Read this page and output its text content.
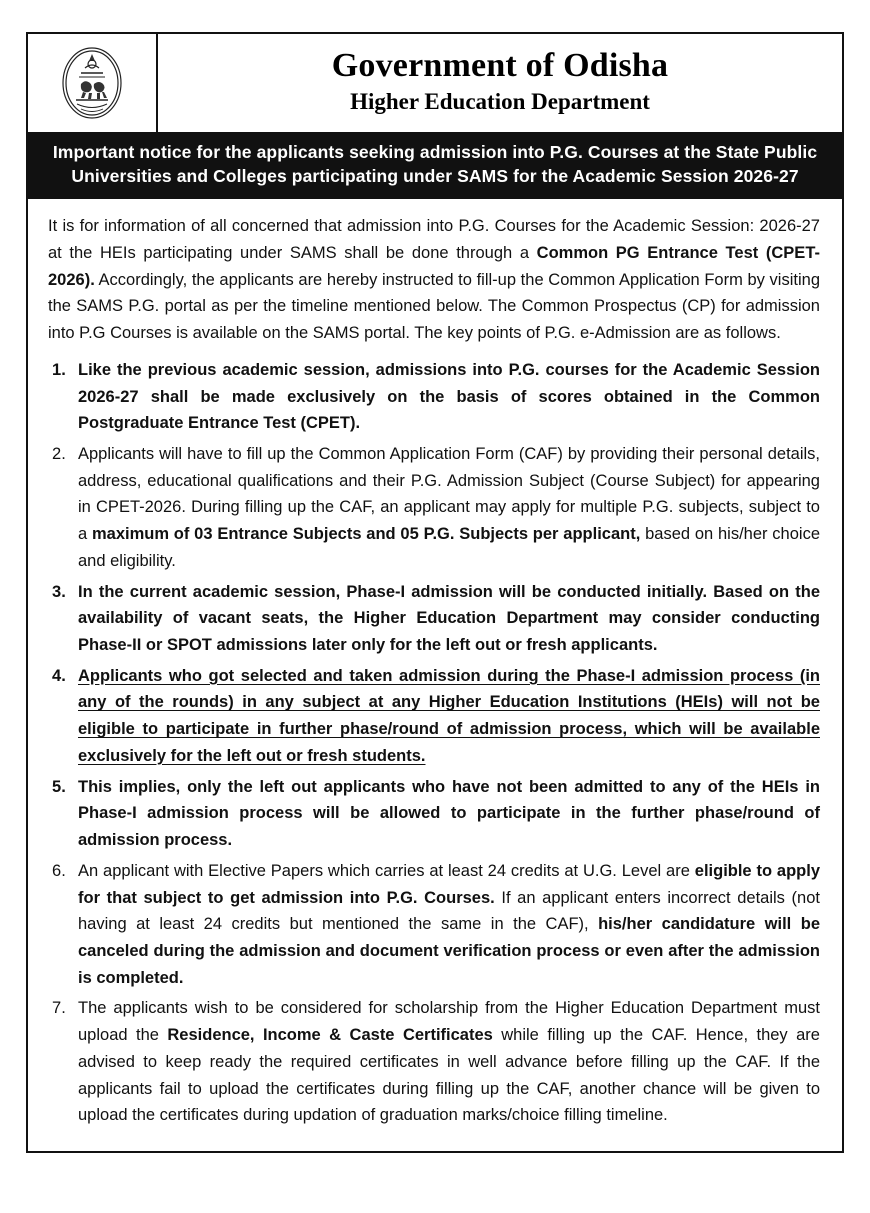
Government of Odisha
Higher Education Department
Important notice for the applicants seeking admission into P.G. Courses at the State Public Universities and Colleges participating under SAMS for the Academic Session 2026-27

It is for information of all concerned that admission into P.G. Courses for the Academic Session: 2026-27 at the HEIs participating under SAMS shall be done through a Common PG Entrance Test (CPET-2026). Accordingly, the applicants are hereby instructed to fill-up the Common Application Form by visiting the SAMS P.G. portal as per the timeline mentioned below. The Common Prospectus (CP) for admission into P.G Courses is available on the SAMS portal. The key points of P.G. e-Admission are as follows.

Like the previous academic session, admissions into P.G. courses for the Academic Session 2026-27 shall be made exclusively on the basis of scores obtained in the Common Postgraduate Entrance Test (CPET).
Applicants will have to fill up the Common Application Form (CAF) by providing their personal details, address, educational qualifications and their P.G. Admission Subject (Course Subject) for appearing in CPET-2026. During filling up the CAF, an applicant may apply for multiple P.G. subjects, subject to a maximum of 03 Entrance Subjects and 05 P.G. Subjects per applicant, based on his/her choice and eligibility.
In the current academic session, Phase-I admission will be conducted initially. Based on the availability of vacant seats, the Higher Education Department may consider conducting Phase-II or SPOT admissions later only for the left out or fresh applicants.
Applicants who got selected and taken admission during the Phase-I admission process (in any of the rounds) in any subject at any Higher Education Institutions (HEIs) will not be eligible to participate in further phase/round of admission process, which will be available exclusively for the left out or fresh students.
This implies, only the left out applicants who have not been admitted to any of the HEIs in Phase-I admission process will be allowed to participate in the further phase/round of admission process.
An applicant with Elective Papers which carries at least 24 credits at U.G. Level are eligible to apply for that subject to get admission into P.G. Courses. If an applicant enters incorrect details (not having at least 24 credits but mentioned the same in the CAF), his/her candidature will be canceled during the admission and document verification process or even after the admission is completed.
The applicants wish to be considered for scholarship from the Higher Education Department must upload the Residence, Income & Caste Certificates while filling up the CAF. Hence, they are advised to keep ready the required certificates in well advance before filling up the CAF. If the applicants fail to upload the certificates during filling up the CAF, another chance will be given to upload the certificates during updation of graduation marks/choice filling timeline.
